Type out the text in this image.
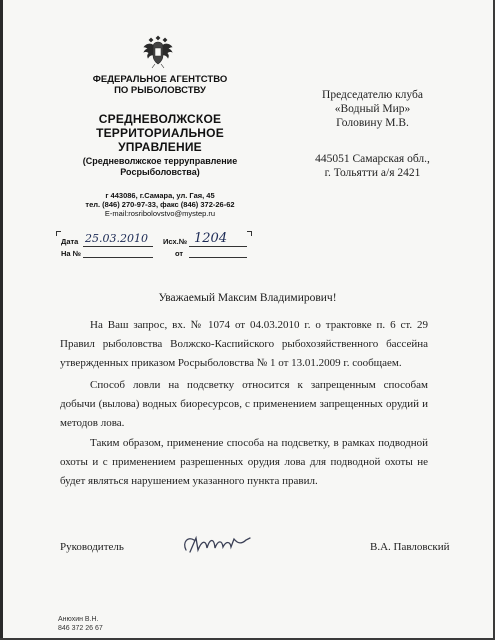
ФЕДЕРАЛЬНОЕ АГЕНТСТВО
ПО РЫБОЛОВСТВУ
СРЕДНЕВОЛЖСКОЕ
ТЕРРИТОРИАЛЬНОЕ
УПРАВЛЕНИЕ
(Средневолжское терруправление
Росрыболовства)
г 443086, г.Самара, ул. Гая, 45
тел. (846) 270-97-33, факс (846) 372-26-62
E-mail:rosribolovstvo@mystep.ru
Председателю клуба
«Водный Мир»
Головину М.В.
445051 Самарская обл.,
г. Тольятти а/я 2421
Дата 25.03.2010 Исх.№ 1204
На №	от
Уважаемый Максим Владимирович!
На Ваш запрос, вх. № 1074 от 04.03.2010 г. о трактовке п. 6 ст. 29 Правил рыболовства Волжско-Каспийского рыбохозяйственного бассейна утвержденных приказом Росрыболовства № 1 от 13.01.2009 г. сообщаем.
Способ ловли на подсветку относится к запрещенным способам добычи (вылова) водных биоресурсов, с применением запрещенных орудий и методов лова.
Таким образом, применение способа на подсветку, в рамках подводной охоты и с применением разрешенных орудия лова для подводной охоты не будет являться нарушением указанного пункта правил.
Руководитель	В.А. Павловский
Анюхин В.Н.
846 372 26 67
